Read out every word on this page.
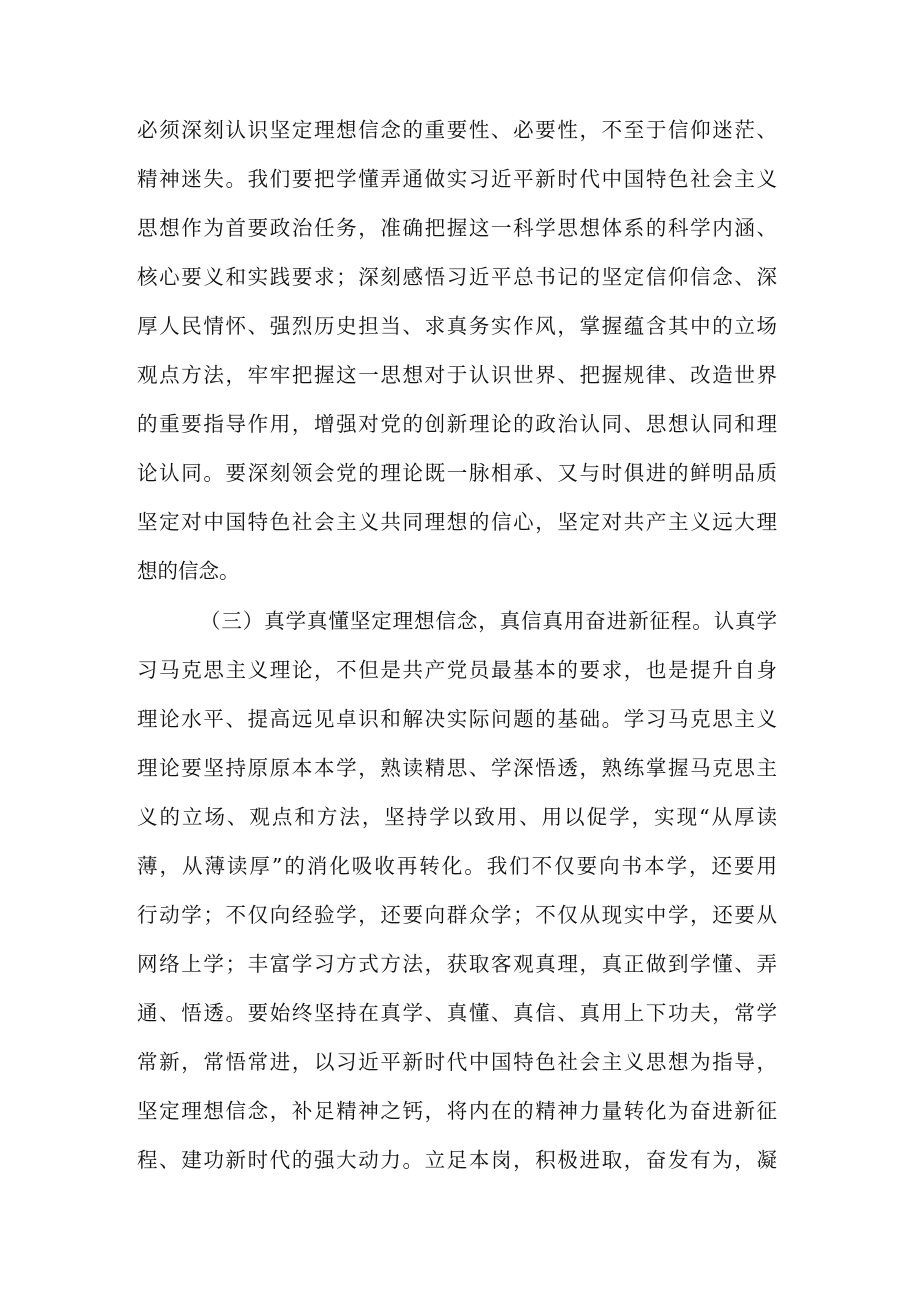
必须深刻认识坚定理想信念的重要性、必要性，不至于信仰迷茫、
精神迷失。我们要把学懂弄通做实习近平新时代中国特色社会主义
思想作为首要政治任务，准确把握这一科学思想体系的科学内涵、
核心要义和实践要求；深刻感悟习近平总书记的坚定信仰信念、深
厚人民情怀、强烈历史担当、求真务实作风，掌握蕴含其中的立场
观点方法，牢牢把握这一思想对于认识世界、把握规律、改造世界
的重要指导作用，增强对党的创新理论的政治认同、思想认同和理
论认同。要深刻领会党的理论既一脉相承、又与时俱进的鲜明品质
坚定对中国特色社会主义共同理想的信心，坚定对共产主义远大理
想的信念。
（三）真学真懂坚定理想信念，真信真用奋进新征程。认真学
习马克思主义理论，不但是共产党员最基本的要求，也是提升自身
理论水平、提高远见卓识和解决实际问题的基础。学习马克思主义
理论要坚持原原本本学，熟读精思、学深悟透，熟练掌握马克思主
义的立场、观点和方法，坚持学以致用、用以促学，实现“从厚读
薄，从薄读厚”的消化吸收再转化。我们不仅要向书本学，还要用
行动学；不仅向经验学，还要向群众学；不仅从现实中学，还要从
网络上学；丰富学习方式方法，获取客观真理，真正做到学懂、弄
通、悟透。要始终坚持在真学、真懂、真信、真用上下功夫，常学
常新，常悟常进，以习近平新时代中国特色社会主义思想为指导，
坚定理想信念，补足精神之钙，将内在的精神力量转化为奋进新征
程、建功新时代的强大动力。立足本岗，积极进取，奋发有为，凝
